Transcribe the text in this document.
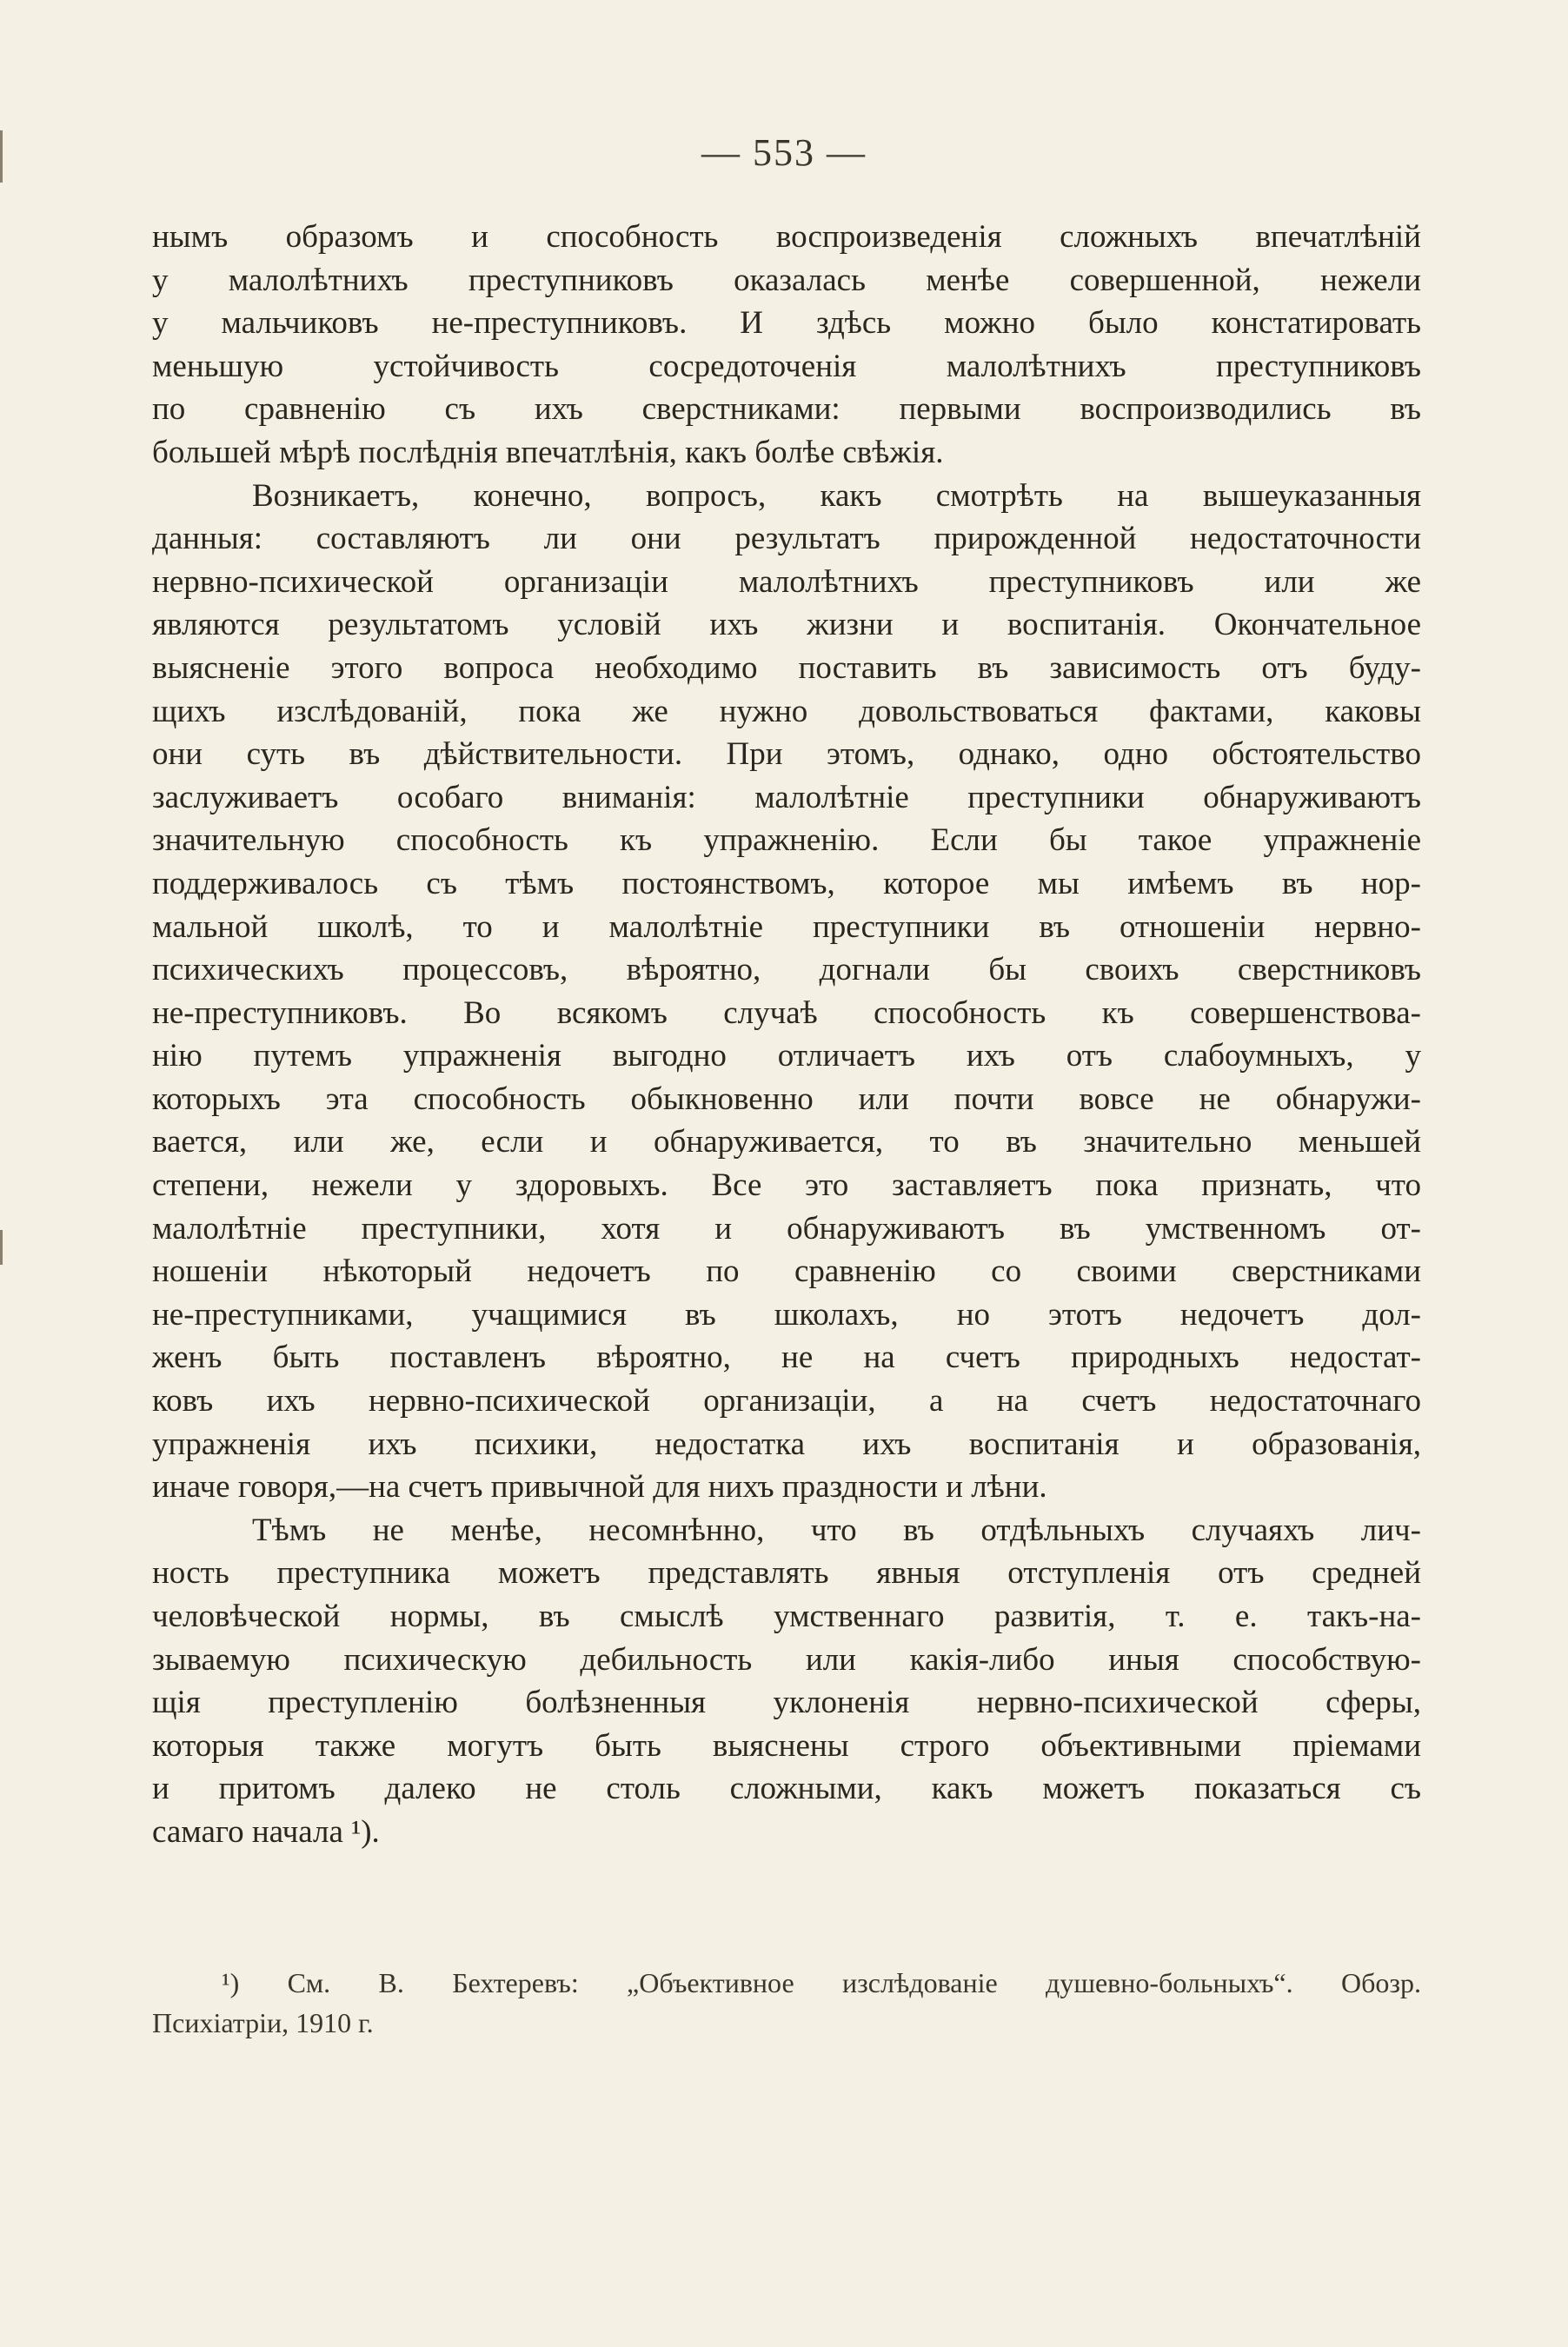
— 553 —
нымъ образомъ и способность воспроизведенія сложныхъ впечатлѣній
у малолѣтнихъ преступниковъ оказалась менѣе совершенной, нежели
у мальчиковъ не-преступниковъ. И здѣсь можно было констатировать
меньшую устойчивость сосредоточенія малолѣтнихъ преступниковъ
по сравненію съ ихъ сверстниками: первыми воспроизводились въ
большей мѣрѣ послѣднія впечатлѣнія, какъ болѣе свѣжія.
Возникаетъ, конечно, вопросъ, какъ смотрѣть на вышеуказанныя
данныя: составляютъ ли они результатъ прирожденной недостаточности
нервно-психической организаціи малолѣтнихъ преступниковъ или же
являются результатомъ условій ихъ жизни и воспитанія. Окончательное
выясненіе этого вопроса необходимо поставить въ зависимость отъ буду-
щихъ изслѣдованій, пока же нужно довольствоваться фактами, каковы
они суть въ дѣйствительности. При этомъ, однако, одно обстоятельство
заслуживаетъ особаго вниманія: малолѣтніе преступники обнаруживаютъ
значительную способность къ упражненію. Если бы такое упражненіе
поддерживалось съ тѣмъ постоянствомъ, которое мы имѣемъ въ нор-
мальной школѣ, то и малолѣтніе преступники въ отношеніи нервно-
психическихъ процессовъ, вѣроятно, догнали бы своихъ сверстниковъ
не-преступниковъ. Во всякомъ случаѣ способность къ совершенствова-
нію путемъ упражненія выгодно отличаетъ ихъ отъ слабоумныхъ, у
которыхъ эта способность обыкновенно или почти вовсе не обнаружи-
вается, или же, если и обнаруживается, то въ значительно меньшей
степени, нежели у здоровыхъ. Все это заставляетъ пока признать, что
малолѣтніе преступники, хотя и обнаруживаютъ въ умственномъ от-
ношеніи нѣкоторый недочетъ по сравненію со своими сверстниками
не-преступниками, учащимися въ школахъ, но этотъ недочетъ дол-
женъ быть поставленъ вѣроятно, не на счетъ природныхъ недостат-
ковъ ихъ нервно-психической организаціи, а на счетъ недостаточнаго
упражненія ихъ психики, недостатка ихъ воспитанія и образованія,
иначе говоря,—на счетъ привычной для нихъ праздности и лѣни.
Тѣмъ не менѣе, несомнѣнно, что въ отдѣльныхъ случаяхъ лич-
ность преступника можетъ представлять явныя отступленія отъ средней
человѣческой нормы, въ смыслѣ умственнаго развитія, т. е. такъ-на-
зываемую психическую дебильность или какія-либо иныя способствую-
щія преступленію болѣзненныя уклоненія нервно-психической сферы,
которыя также могутъ быть выяснены строго объективными пріемами
и притомъ далеко не столь сложными, какъ можетъ показаться съ
самаго начала ¹).
¹) См. В. Бехтеревъ: „Объективное изслѣдованіе душевно-больныхъ“. Обозр.
Психіатріи, 1910 г.
